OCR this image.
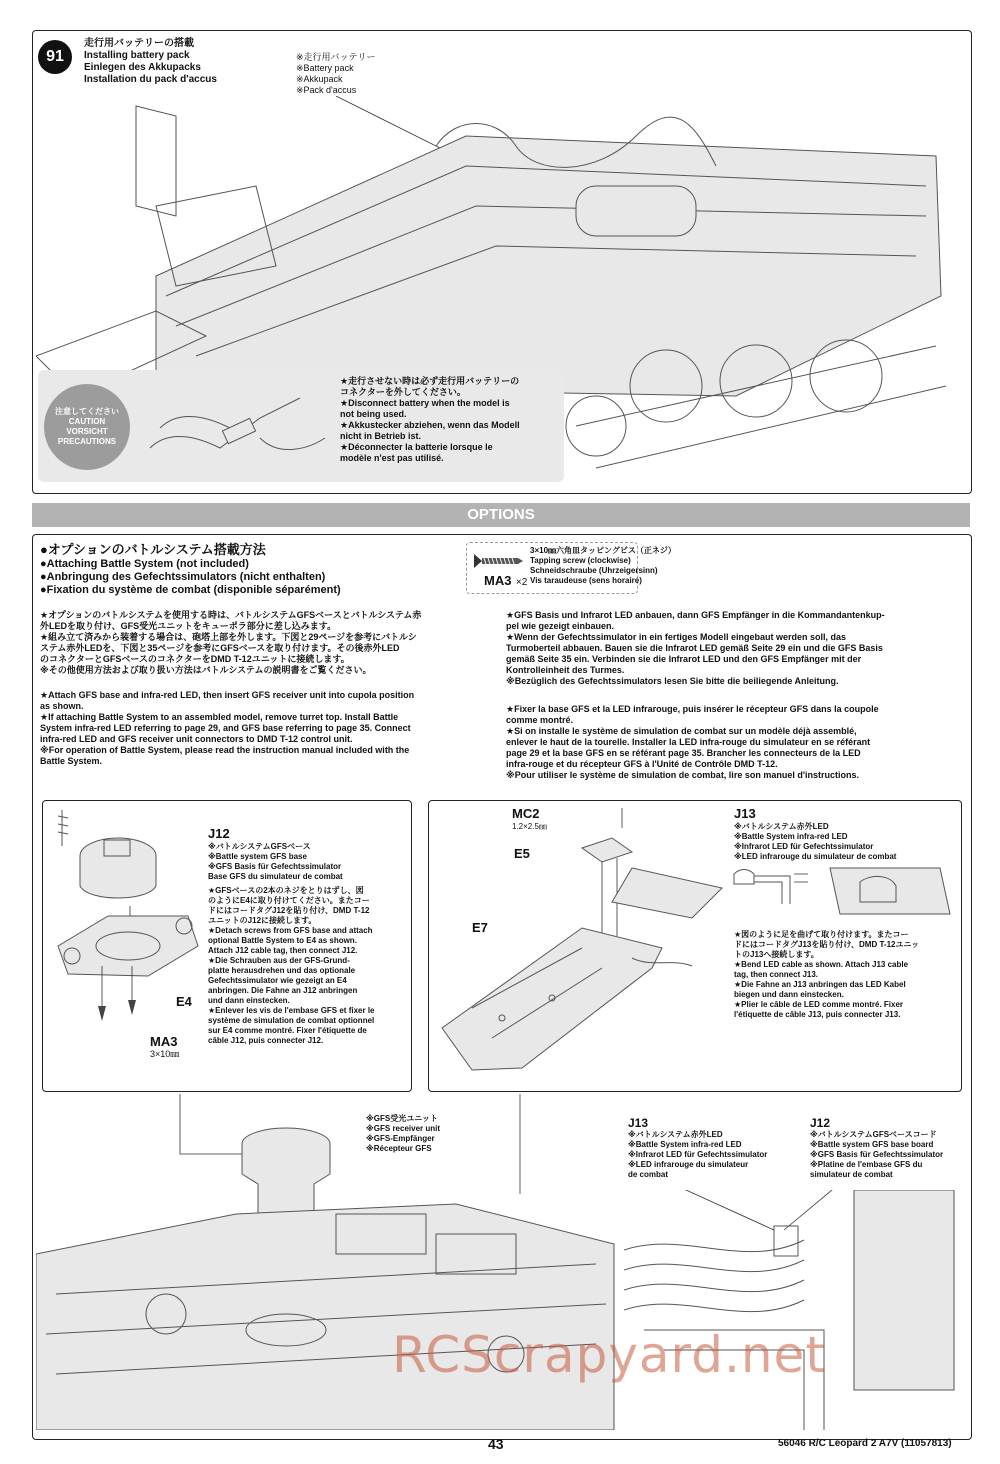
91
走行用バッテリーの搭載
Installing battery pack
Einlegen des Akkupacks
Installation du pack d'accus
※走行用バッテリー
※Battery pack
※Akkupack
※Pack d'accus
注意してください
CAUTION
VORSICHT
PRECAUTIONS
★走行させない時は必ず走行用バッテリーの
コネクターを外してください。
★Disconnect battery when the model is
not being used.
★Akkustecker abziehen, wenn das Modell
nicht in Betrieb ist.
★Déconnecter la batterie lorsque le
modèle n'est pas utilisé.
OPTIONS
●オプションのバトルシステム搭載方法
●Attaching Battle System (not included)
●Anbringung des Gefechtssimulators (nicht enthalten)
●Fixation du système de combat (disponible séparément)
MA3 ×2
3×10㎜六角皿タッピングビス（正ネジ）
Tapping screw (clockwise)
Schneidschraube (Uhrzeigersinn)
Vis taraudeuse (sens horaire)
★オプションのバトルシステムを使用する時は、バトルシステムGFSベースとバトルシステム赤
外LEDを取り付け、GFS受光ユニットをキューポラ部分に差し込みます。
★組み立て済みから装着する場合は、砲塔上部を外します。下図と29ページを参考にバトルシ
ステム赤外LEDを、下図と35ページを参考にGFSベースを取り付けます。その後赤外LED
のコネクターとGFSベースのコネクターをDMD T-12ユニットに接続します。
※その他使用方法および取り扱い方法はバトルシステムの説明書をご覧ください。
★Attach GFS base and infra-red LED, then insert GFS receiver unit into cupola position
as shown.
★If attaching Battle System to an assembled model, remove turret top. Install Battle
System infra-red LED referring to page 29, and GFS base referring to page 35. Connect
infra-red LED and GFS receiver unit connectors to DMD T-12 control unit.
※For operation of Battle System, please read the instruction manual included with the
Battle System.
★GFS Basis und Infrarot LED anbauen, dann GFS Empfänger in die Kommandantenkup-
pel wie gezeigt einbauen.
★Wenn der Gefechtssimulator in ein fertiges Modell eingebaut werden soll, das
Turmoberteil abbauen. Bauen sie die Infrarot LED gemäß Seite 29 ein und die GFS Basis
gemäß Seite 35 ein. Verbinden sie die Infrarot LED und den GFS Empfänger mit der
Kontrolleinheit des Turmes.
※Bezüglich des Gefechtssimulators lesen Sie bitte die beiliegende Anleitung.
★Fixer la base GFS et la LED infrarouge, puis insérer le récepteur GFS dans la coupole
comme montré.
★Si on installe le système de simulation de combat sur un modèle déjà assemblé,
enlever le haut de la tourelle. Installer la LED infra-rouge du simulateur en se référant
page 29 et la base GFS en se référant page 35. Brancher les connecteurs de la LED
infra-rouge et du récepteur GFS à l'Unité de Contrôle DMD T-12.
※Pour utiliser le système de simulation de combat, lire son manuel d'instructions.
E4
MA3
3×10㎜
J12
※バトルシステムGFSベース
※Battle system GFS base
※GFS Basis für Gefechtssimulator
Base GFS du simulateur de combat
★GFSベースの2本のネジをとりはずし、図
のようにE4に取り付けてください。またコー
ドにはコードタグJ12を貼り付け、DMD T-12
ユニットのJ12に接続します。
★Detach screws from GFS base and attach
optional Battle System to E4 as shown.
Attach J12 cable tag, then connect J12.
★Die Schrauben aus der GFS-Grund-
platte herausdrehen und das optionale
Gefechtssimulator wie gezeigt an E4
anbringen. Die Fahne an J12 anbringen
und dann einstecken.
★Enlever les vis de l'embase GFS et fixer le
système de simulation de combat optionnel
sur E4 comme montré. Fixer l'étiquette de
câble J12, puis connecter J12.
MC2
1.2×2.5㎜
E5
E7
J13
※バトルシステム赤外LED
※Battle System infra-red LED
※Infrarot LED für Gefechtssimulator
※LED infrarouge du simulateur de combat
★図のように足を曲げて取り付けます。またコー
ドにはコードタグJ13を貼り付け、DMD T-12ユニッ
トのJ13へ接続します。
★Bend LED cable as shown. Attach J13 cable
tag, then connect J13.
★Die Fahne an J13 anbringen das LED Kabel
biegen und dann einstecken.
★Plier le câble de LED comme montré. Fixer
l'étiquette de câble J13, puis connecter J13.
※GFS受光ユニット
※GFS receiver unit
※GFS-Empfänger
※Récepteur GFS
J13
※バトルシステム赤外LED
※Battle System infra-red LED
※Infrarot LED für Gefechtssimulator
※LED infrarouge du simulateur
de combat
J12
※バトルシステムGFSベースコード
※Battle system GFS base board
※GFS Basis für Gefechtssimulator
※Platine de l'embase GFS du
simulateur de combat
RCScrapyard.net
43	56046 R/C Leopard 2 A7V (11057813)
